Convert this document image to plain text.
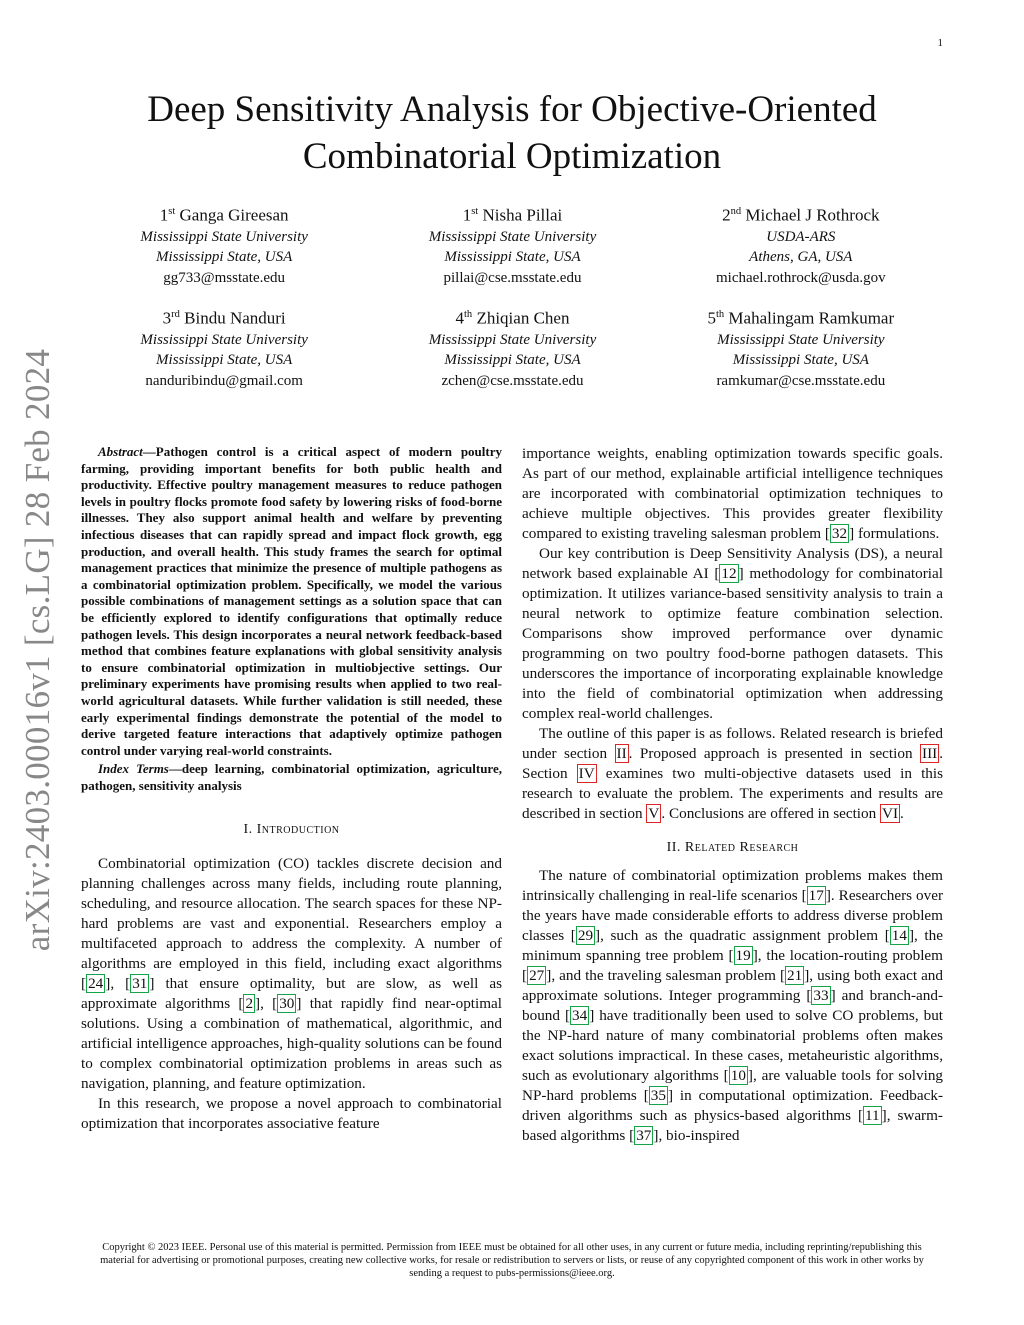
1
arXiv:2403.00016v1 [cs.LG] 28 Feb 2024
Deep Sensitivity Analysis for Objective-Oriented Combinatorial Optimization
1st Ganga Gireesan
Mississippi State University
Mississippi State, USA
gg733@msstate.edu
1st Nisha Pillai
Mississippi State University
Mississippi State, USA
pillai@cse.msstate.edu
2nd Michael J Rothrock
USDA-ARS
Athens, GA, USA
michael.rothrock@usda.gov
3rd Bindu Nanduri
Mississippi State University
Mississippi State, USA
nanduribindu@gmail.com
4th Zhiqian Chen
Mississippi State University
Mississippi State, USA
zchen@cse.msstate.edu
5th Mahalingam Ramkumar
Mississippi State University
Mississippi State, USA
ramkumar@cse.msstate.edu

Abstract—Pathogen control is a critical aspect of modern poultry farming, providing important benefits for both public health and productivity. Effective poultry management measures to reduce pathogen levels in poultry flocks promote food safety by lowering risks of food-borne illnesses. They also support animal health and welfare by preventing infectious diseases that can rapidly spread and impact flock growth, egg production, and overall health. This study frames the search for optimal management practices that minimize the presence of multiple pathogens as a combinatorial optimization problem. Specifically, we model the various possible combinations of management settings as a solution space that can be efficiently explored to identify configurations that optimally reduce pathogen levels. This design incorporates a neural network feedback-based method that combines feature explanations with global sensitivity analysis to ensure combinatorial optimization in multiobjective settings. Our preliminary experiments have promising results when applied to two real-world agricultural datasets. While further validation is still needed, these early experimental findings demonstrate the potential of the model to derive targeted feature interactions that adaptively optimize pathogen control under varying real-world constraints.

Index Terms—deep learning, combinatorial optimization, agriculture, pathogen, sensitivity analysis

I. Introduction

Combinatorial optimization (CO) tackles discrete decision and planning challenges across many fields, including route planning, scheduling, and resource allocation. The search spaces for these NP-hard problems are vast and exponential. Researchers employ a multifaceted approach to address the complexity. A number of algorithms are employed in this field, including exact algorithms [ 24 ], [ 31 ] that ensure optimality, but are slow, as well as approximate algorithms [ 2 ], [ 30 ] that rapidly find near-optimal solutions. Using a combination of mathematical, algorithmic, and artificial intelligence approaches, high-quality solutions can be found to complex combinatorial optimization problems in areas such as navigation, planning, and feature optimization.

In this research, we propose a novel approach to combinatorial optimization that incorporates associative feature

importance weights, enabling optimization towards specific goals. As part of our method, explainable artificial intelligence techniques are incorporated with combinatorial optimization techniques to achieve multiple objectives. This provides greater flexibility compared to existing traveling salesman problem [ 32 ] formulations.

Our key contribution is Deep Sensitivity Analysis (DS), a neural network based explainable AI [ 12 ] methodology for combinatorial optimization. It utilizes variance-based sensitivity analysis to train a neural network to optimize feature combination selection. Comparisons show improved performance over dynamic programming on two poultry food-borne pathogen datasets. This underscores the importance of incorporating explainable knowledge into the field of combinatorial optimization when addressing complex real-world challenges.

The outline of this paper is as follows. Related research is briefed under section II . Proposed approach is presented in section III . Section IV examines two multi-objective datasets used in this research to evaluate the problem. The experiments and results are described in section V . Conclusions are offered in section VI .

II. Related Research

The nature of combinatorial optimization problems makes them intrinsically challenging in real-life scenarios [ 17 ]. Researchers over the years have made considerable efforts to address diverse problem classes [ 29 ], such as the quadratic assignment problem [ 14 ], the minimum spanning tree problem [ 19 ], the location-routing problem [ 27 ], and the traveling salesman problem [ 21 ], using both exact and approximate solutions. Integer programming [ 33 ] and branch-and-bound [ 34 ] have traditionally been used to solve CO problems, but the NP-hard nature of many combinatorial problems often makes exact solutions impractical. In these cases, metaheuristic algorithms, such as evolutionary algorithms [ 10 ], are valuable tools for solving NP-hard problems [ 35 ] in computational optimization. Feedback-driven algorithms such as physics-based algorithms [ 11 ], swarm-based algorithms [ 37 ], bio-inspired

Copyright © 2023 IEEE. Personal use of this material is permitted. Permission from IEEE must be obtained for all other uses, in any current or future media, including reprinting/republishing this material for advertising or promotional purposes, creating new collective works, for resale or redistribution to servers or lists, or reuse of any copyrighted component of this work in other works by sending a request to pubs-permissions@ieee.org.
